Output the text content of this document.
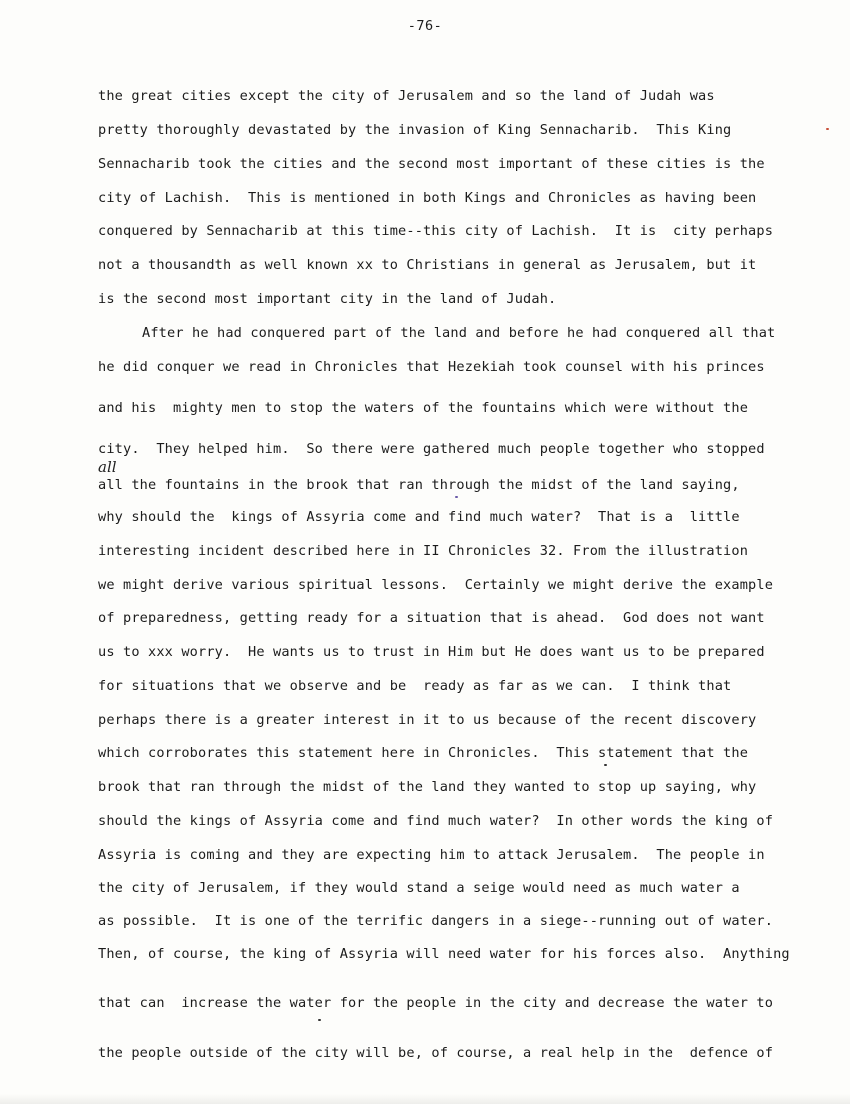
-76-
the great cities except the city of Jerusalem and so the land of Judah was
pretty thoroughly devastated by the invasion of King Sennacharib.  This King
Sennacharib took the cities and the second most important of these cities is the
city of Lachish.  This is mentioned in both Kings and Chronicles as having been
conquered by Sennacharib at this time--this city of Lachish.  It is  city perhaps
not a thousandth as well known xx to Christians in general as Jerusalem, but it
is the second most important city in the land of Judah.
After he had conquered part of the land and before he had conquered all that
he did conquer we read in Chronicles that Hezekiah took counsel with his princes
and his  mighty men to stop the waters of the fountains which were without the
city.  They helped him.  So there were gathered much people together who stopped
all
all the fountains in the brook that ran through the midst of the land saying,
why should the  kings of Assyria come and find much water?  That is a  little
interesting incident described here in II Chronicles 32. From the illustration
we might derive various spiritual lessons.  Certainly we might derive the example
of preparedness, getting ready for a situation that is ahead.  God does not want
us to xxx worry.  He wants us to trust in Him but He does want us to be prepared
for situations that we observe and be  ready as far as we can.  I think that
perhaps there is a greater interest in it to us because of the recent discovery
which corroborates this statement here in Chronicles.  This statement that the
brook that ran through the midst of the land they wanted to stop up saying, why
should the kings of Assyria come and find much water?  In other words the king of
Assyria is coming and they are expecting him to attack Jerusalem.  The people in
the city of Jerusalem, if they would stand a seige would need as much water a
as possible.  It is one of the terrific dangers in a siege--running out of water.
Then, of course, the king of Assyria will need water for his forces also.  Anything
that can  increase the water for the people in the city and decrease the water to
the people outside of the city will be, of course, a real help in the  defence of
